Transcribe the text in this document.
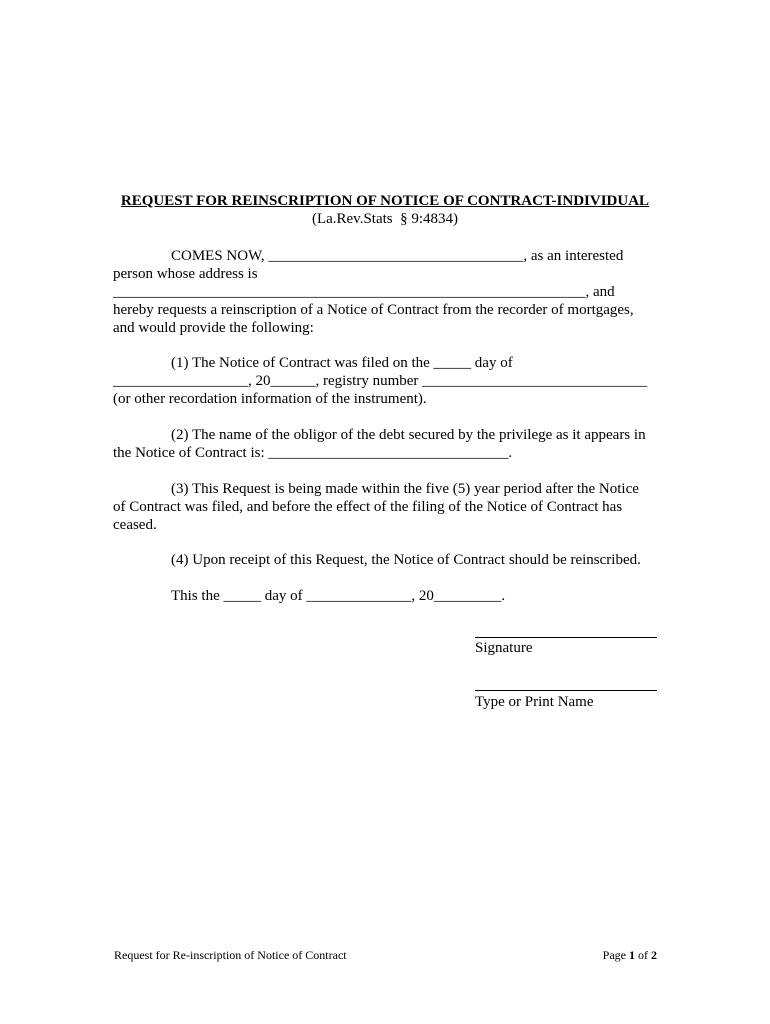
REQUEST FOR REINSCRIPTION OF NOTICE OF CONTRACT-INDIVIDUAL
(La.Rev.Stats  § 9:4834)
COMES NOW, __________________________________, as an interested
person whose address is
_______________________________________________________________, and
hereby requests a reinscription of a Notice of Contract from the recorder of mortgages,
and would provide the following:
(1) The Notice of Contract was filed on the _____ day of
__________________, 20______, registry number ______________________________
(or other recordation information of the instrument).
(2) The name of the obligor of the debt secured by the privilege as it appears in
the Notice of Contract is: ________________________________.
(3) This Request is being made within the five (5) year period after the Notice
of Contract was filed, and before the effect of the filing of the Notice of Contract has
ceased.
(4) Upon receipt of this Request, the Notice of Contract should be reinscribed.
This the _____ day of ______________, 20_________.
Signature
Type or Print Name
Request for Re-inscription of Notice of Contract	Page 1 of 2
